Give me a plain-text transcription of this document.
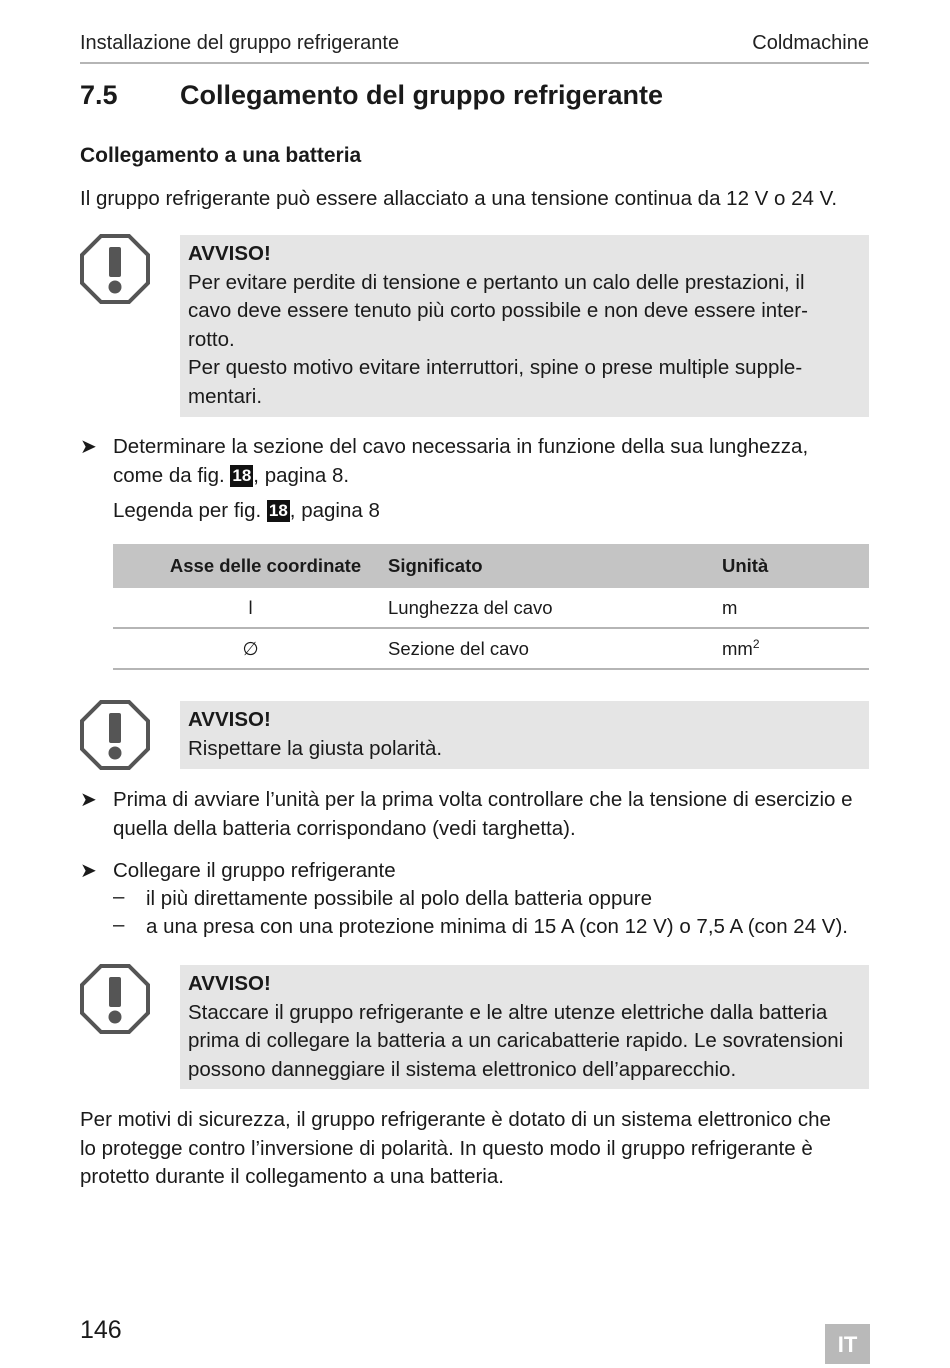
Installazione del gruppo refrigerante	Coldmachine
7.5 Collegamento del gruppo refrigerante
Collegamento a una batteria
Il gruppo refrigerante può essere allacciato a una tensione continua da 12 V o 24 V.
AVVISO!
Per evitare perdite di tensione e pertanto un calo delle prestazioni, il
cavo deve essere tenuto più corto possibile e non deve essere inter-
rotto.
Per questo motivo evitare interruttori, spine o prese multiple supple-
mentari.
➤ Determinare la sezione del cavo necessaria in funzione della sua lunghezza,
come da fig. 18, pagina 8.
Legenda per fig. 18, pagina 8
Asse delle coordinate	Significato	Unità
l	Lunghezza del cavo	m
∅	Sezione del cavo	$mm^2$
AVVISO!
Rispettare la giusta polarità.
➤ Prima di avviare l’unità per la prima volta controllare che la tensione di esercizio e
quella della batteria corrispondano (vedi targhetta).
➤ Collegare il gruppo refrigerante
– il più direttamente possibile al polo della batteria oppure
– a una presa con una protezione minima di 15 A (con 12 V) o 7,5 A (con 24 V).
AVVISO!
Staccare il gruppo refrigerante e le altre utenze elettriche dalla batteria
prima di collegare la batteria a un caricabatterie rapido. Le sovratensioni
possono danneggiare il sistema elettronico dell’apparecchio.
Per motivi di sicurezza, il gruppo refrigerante è dotato di un sistema elettronico che
lo protegge contro l’inversione di polarità. In questo modo il gruppo refrigerante è
protetto durante il collegamento a una batteria.
146
IT
